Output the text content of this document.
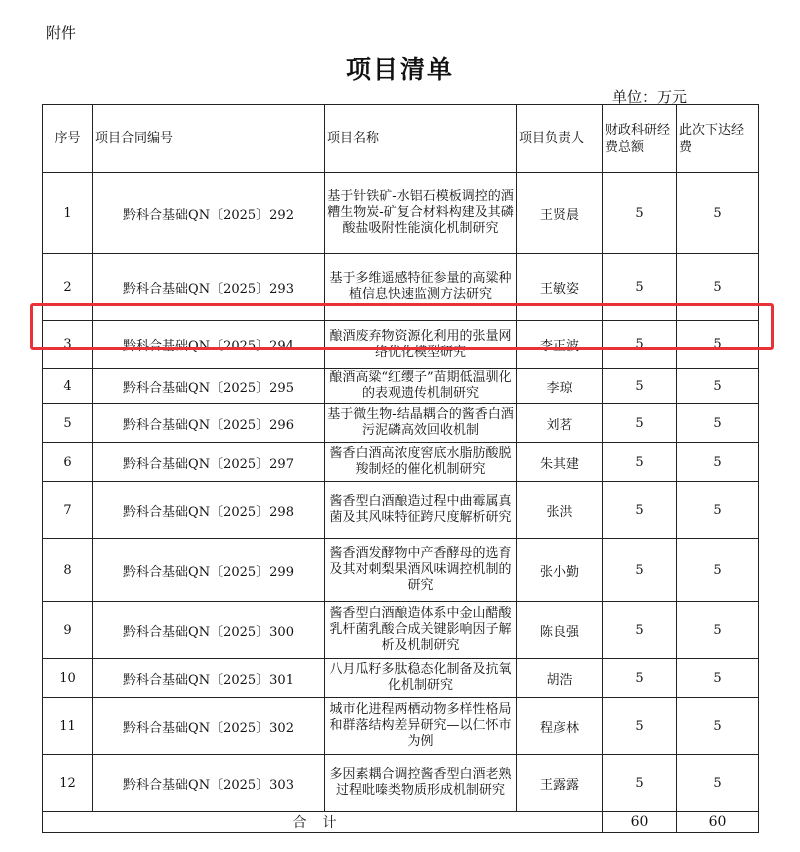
附件
项目清单
单位：万元
序号	项目合同编号	项目名称	项目负责人	财政科研经费总额	此次下达经费
1	黔科合基础QN〔2025〕292	基于针铁矿-水铝石模板调控的酒糟生物炭-矿复合材料构建及其磷酸盐吸附性能演化机制研究	王贤晨	5	5
2	黔科合基础QN〔2025〕293	基于多维遥感特征参量的高粱种植信息快速监测方法研究	王敏姿	5	5
3	黔科合基础QN〔2025〕294	酿酒废弃物资源化利用的张量网络优化模型研究	李正波	5	5
4	黔科合基础QN〔2025〕295	酿酒高粱“红缨子”苗期低温驯化的表观遗传机制研究	李琼	5	5
5	黔科合基础QN〔2025〕296	基于微生物-结晶耦合的酱香白酒污泥磷高效回收机制	刘茗	5	5
6	黔科合基础QN〔2025〕297	酱香白酒高浓度窖底水脂肪酸脱羧制烃的催化机制研究	朱其建	5	5
7	黔科合基础QN〔2025〕298	酱香型白酒酿造过程中曲霉属真菌及其风味特征跨尺度解析研究	张洪	5	5
8	黔科合基础QN〔2025〕299	酱香酒发酵物中产香酵母的选育及其对刺梨果酒风味调控机制的研究	张小勤	5	5
9	黔科合基础QN〔2025〕300	酱香型白酒酿造体系中金山醋酸乳杆菌乳酸合成关键影响因子解析及机制研究	陈良强	5	5
10	黔科合基础QN〔2025〕301	八月瓜籽多肽稳态化制备及抗氧化机制研究	胡浩	5	5
11	黔科合基础QN〔2025〕302	城市化进程两栖动物多样性格局和群落结构差异研究—以仁怀市为例	程彦林	5	5
12	黔科合基础QN〔2025〕303	多因素耦合调控酱香型白酒老熟过程吡嗪类物质形成机制研究	王露露	5	5
合计				60	60
